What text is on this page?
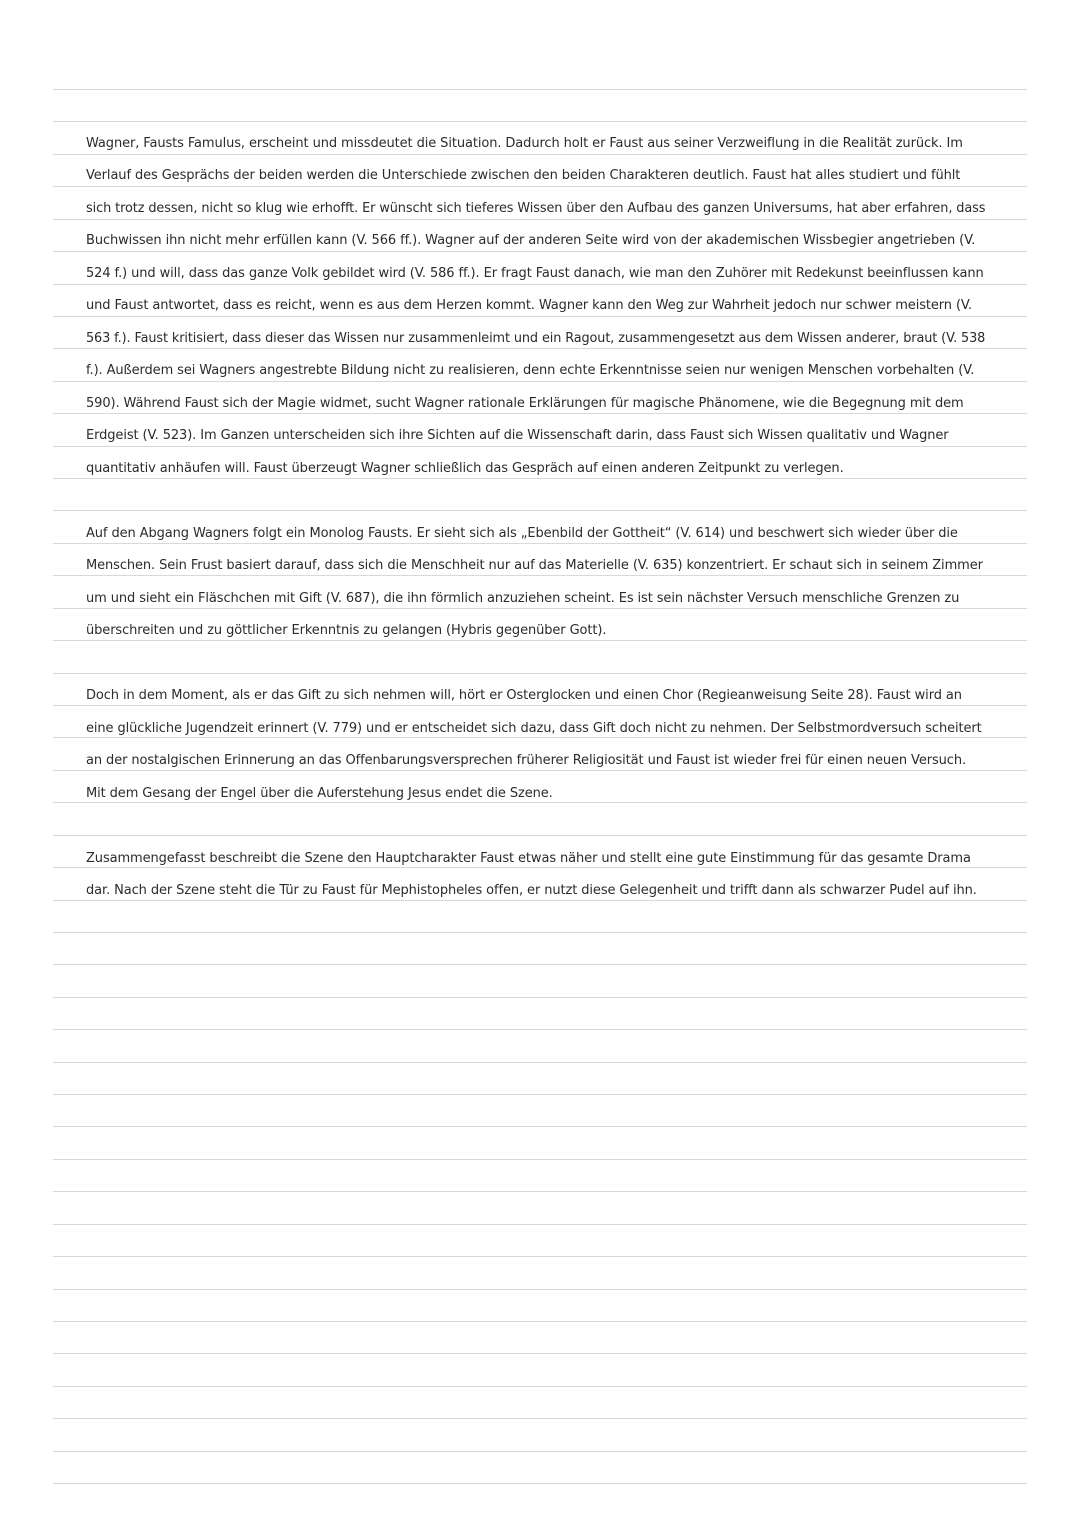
Wagner, Fausts Famulus, erscheint und missdeutet die Situation. Dadurch holt er Faust aus seiner Verzweiflung in die Realität zurück. Im
Verlauf des Gesprächs der beiden werden die Unterschiede zwischen den beiden Charakteren deutlich. Faust hat alles studiert und fühlt
sich trotz dessen, nicht so klug wie erhofft. Er wünscht sich tieferes Wissen über den Aufbau des ganzen Universums, hat aber erfahren, dass
Buchwissen ihn nicht mehr erfüllen kann (V. 566 ff.). Wagner auf der anderen Seite wird von der akademischen Wissbegier angetrieben (V.
524 f.) und will, dass das ganze Volk gebildet wird (V. 586 ff.). Er fragt Faust danach, wie man den Zuhörer mit Redekunst beeinflussen kann
und Faust antwortet, dass es reicht, wenn es aus dem Herzen kommt. Wagner kann den Weg zur Wahrheit jedoch nur schwer meistern (V.
563 f.). Faust kritisiert, dass dieser das Wissen nur zusammenleimt und ein Ragout, zusammengesetzt aus dem Wissen anderer, braut (V. 538
f.). Außerdem sei Wagners angestrebte Bildung nicht zu realisieren, denn echte Erkenntnisse seien nur wenigen Menschen vorbehalten (V.
590). Während Faust sich der Magie widmet, sucht Wagner rationale Erklärungen für magische Phänomene, wie die Begegnung mit dem
Erdgeist (V. 523). Im Ganzen unterscheiden sich ihre Sichten auf die Wissenschaft darin, dass Faust sich Wissen qualitativ und Wagner
quantitativ anhäufen will. Faust überzeugt Wagner schließlich das Gespräch auf einen anderen Zeitpunkt zu verlegen.
Auf den Abgang Wagners folgt ein Monolog Fausts. Er sieht sich als „Ebenbild der Gottheit“ (V. 614) und beschwert sich wieder über die
Menschen. Sein Frust basiert darauf, dass sich die Menschheit nur auf das Materielle (V. 635) konzentriert. Er schaut sich in seinem Zimmer
um und sieht ein Fläschchen mit Gift (V. 687), die ihn förmlich anzuziehen scheint. Es ist sein nächster Versuch menschliche Grenzen zu
überschreiten und zu göttlicher Erkenntnis zu gelangen (Hybris gegenüber Gott).
Doch in dem Moment, als er das Gift zu sich nehmen will, hört er Osterglocken und einen Chor (Regieanweisung Seite 28). Faust wird an
eine glückliche Jugendzeit erinnert (V. 779) und er entscheidet sich dazu, dass Gift doch nicht zu nehmen. Der Selbstmordversuch scheitert
an der nostalgischen Erinnerung an das Offenbarungsversprechen früherer Religiosität und Faust ist wieder frei für einen neuen Versuch.
Mit dem Gesang der Engel über die Auferstehung Jesus endet die Szene.
Zusammengefasst beschreibt die Szene den Hauptcharakter Faust etwas näher und stellt eine gute Einstimmung für das gesamte Drama
dar. Nach der Szene steht die Tür zu Faust für Mephistopheles offen, er nutzt diese Gelegenheit und trifft dann als schwarzer Pudel auf ihn.
